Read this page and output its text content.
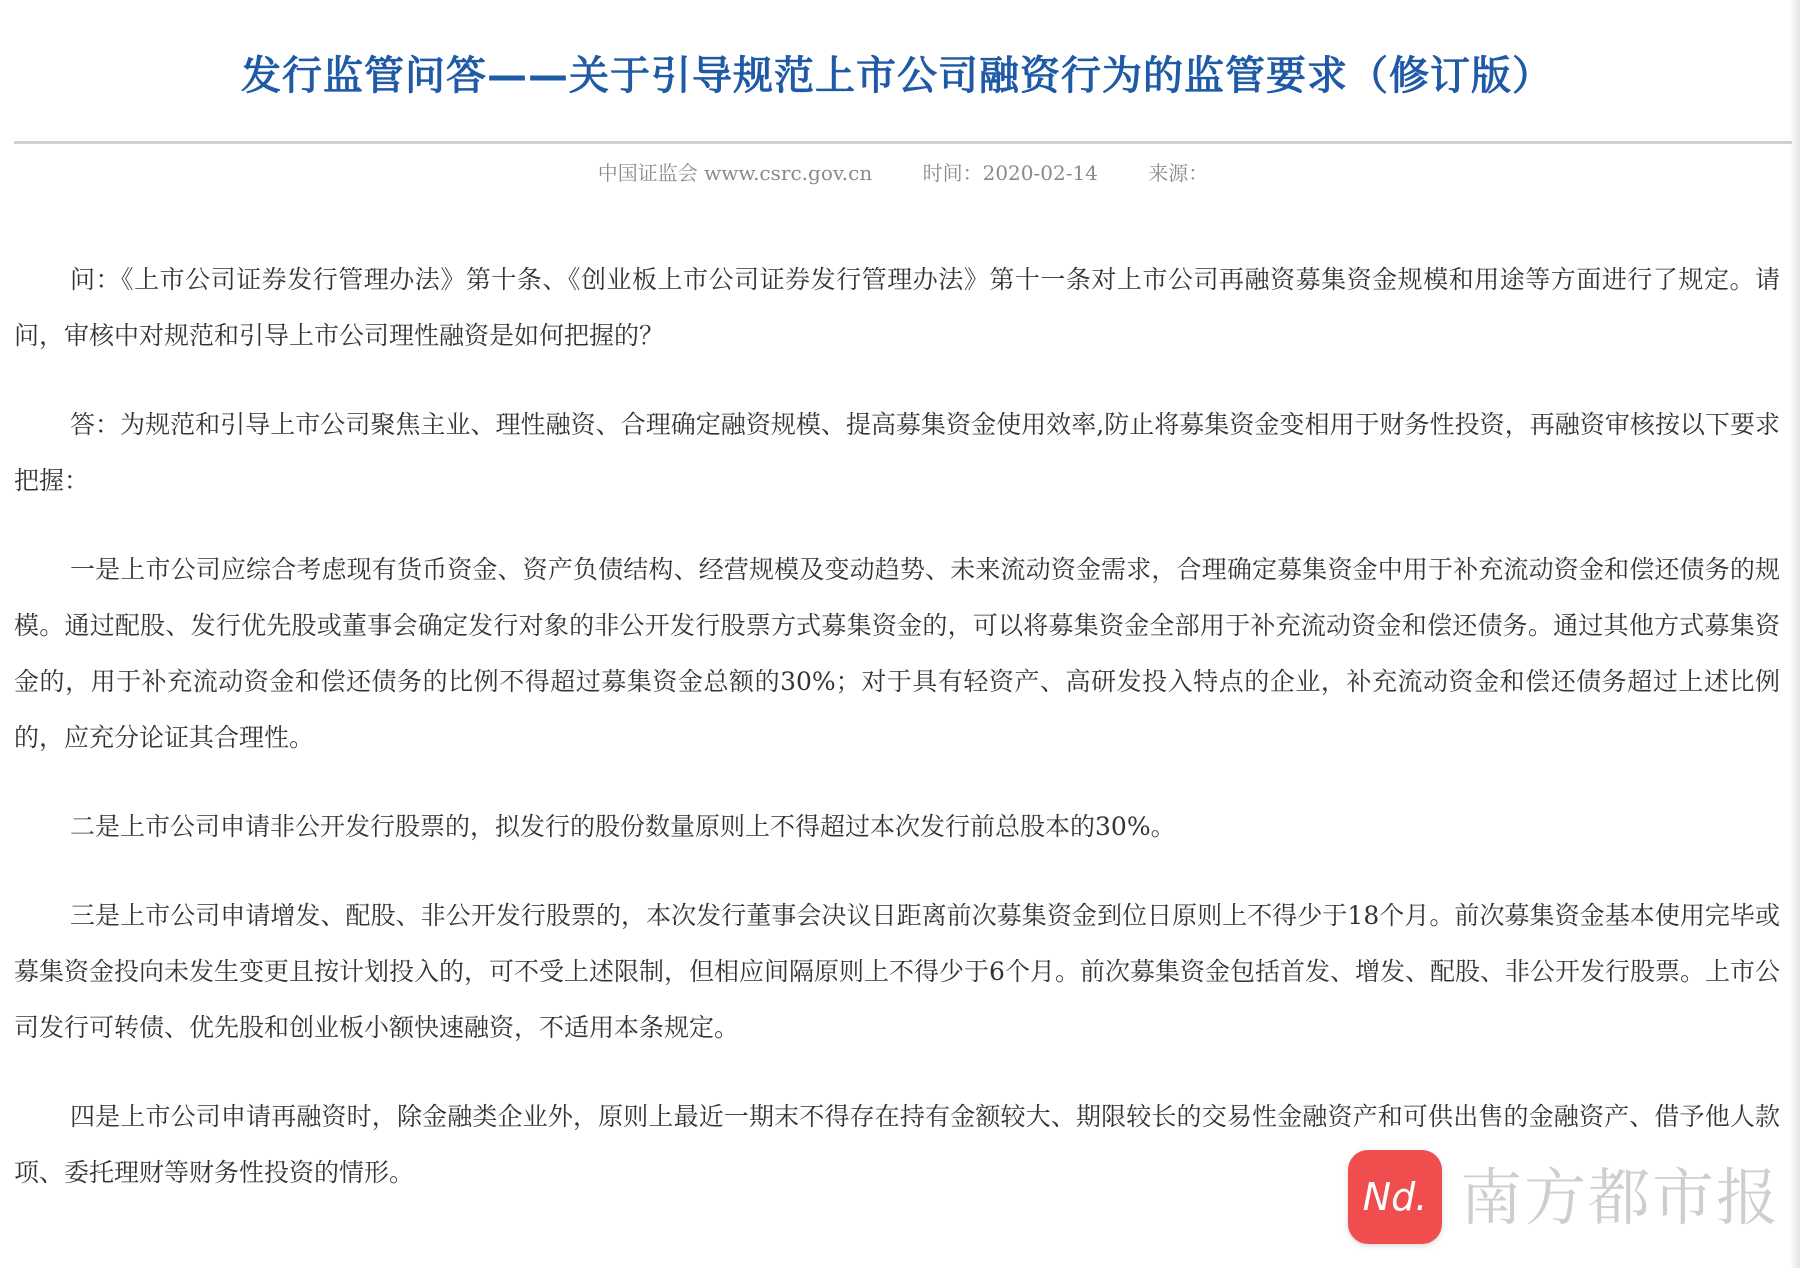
发行监管问答——关于引导规范上市公司融资行为的监管要求（修订版）
中国证监会 www.csrc.gov.cn	时间：2020-02-14	来源：

问：《上市公司证券发行管理办法》第十条、《创业板上市公司证券发行管理办法》第十一条对上市公司再融资募集资金规模和用途等方面进行了规定。请问，审核中对规范和引导上市公司理性融资是如何把握的？

答：为规范和引导上市公司聚焦主业、理性融资、合理确定融资规模、提高募集资金使用效率,防止将募集资金变相用于财务性投资，再融资审核按以下要求把握：

一是上市公司应综合考虑现有货币资金、资产负债结构、经营规模及变动趋势、未来流动资金需求，合理确定募集资金中用于补充流动资金和偿还债务的规模。通过配股、发行优先股或董事会确定发行对象的非公开发行股票方式募集资金的，可以将募集资金全部用于补充流动资金和偿还债务。通过其他方式募集资金的，用于补充流动资金和偿还债务的比例不得超过募集资金总额的30%；对于具有轻资产、高研发投入特点的企业，补充流动资金和偿还债务超过上述比例的，应充分论证其合理性。

二是上市公司申请非公开发行股票的，拟发行的股份数量原则上不得超过本次发行前总股本的30%。

三是上市公司申请增发、配股、非公开发行股票的，本次发行董事会决议日距离前次募集资金到位日原则上不得少于18个月。前次募集资金基本使用完毕或募集资金投向未发生变更且按计划投入的，可不受上述限制，但相应间隔原则上不得少于6个月。前次募集资金包括首发、增发、配股、非公开发行股票。上市公司发行可转债、优先股和创业板小额快速融资，不适用本条规定。

四是上市公司申请再融资时，除金融类企业外，原则上最近一期末不得存在持有金额较大、期限较长的交易性金融资产和可供出售的金融资产、借予他人款项、委托理财等财务性投资的情形。

Nd. 南方都市报
